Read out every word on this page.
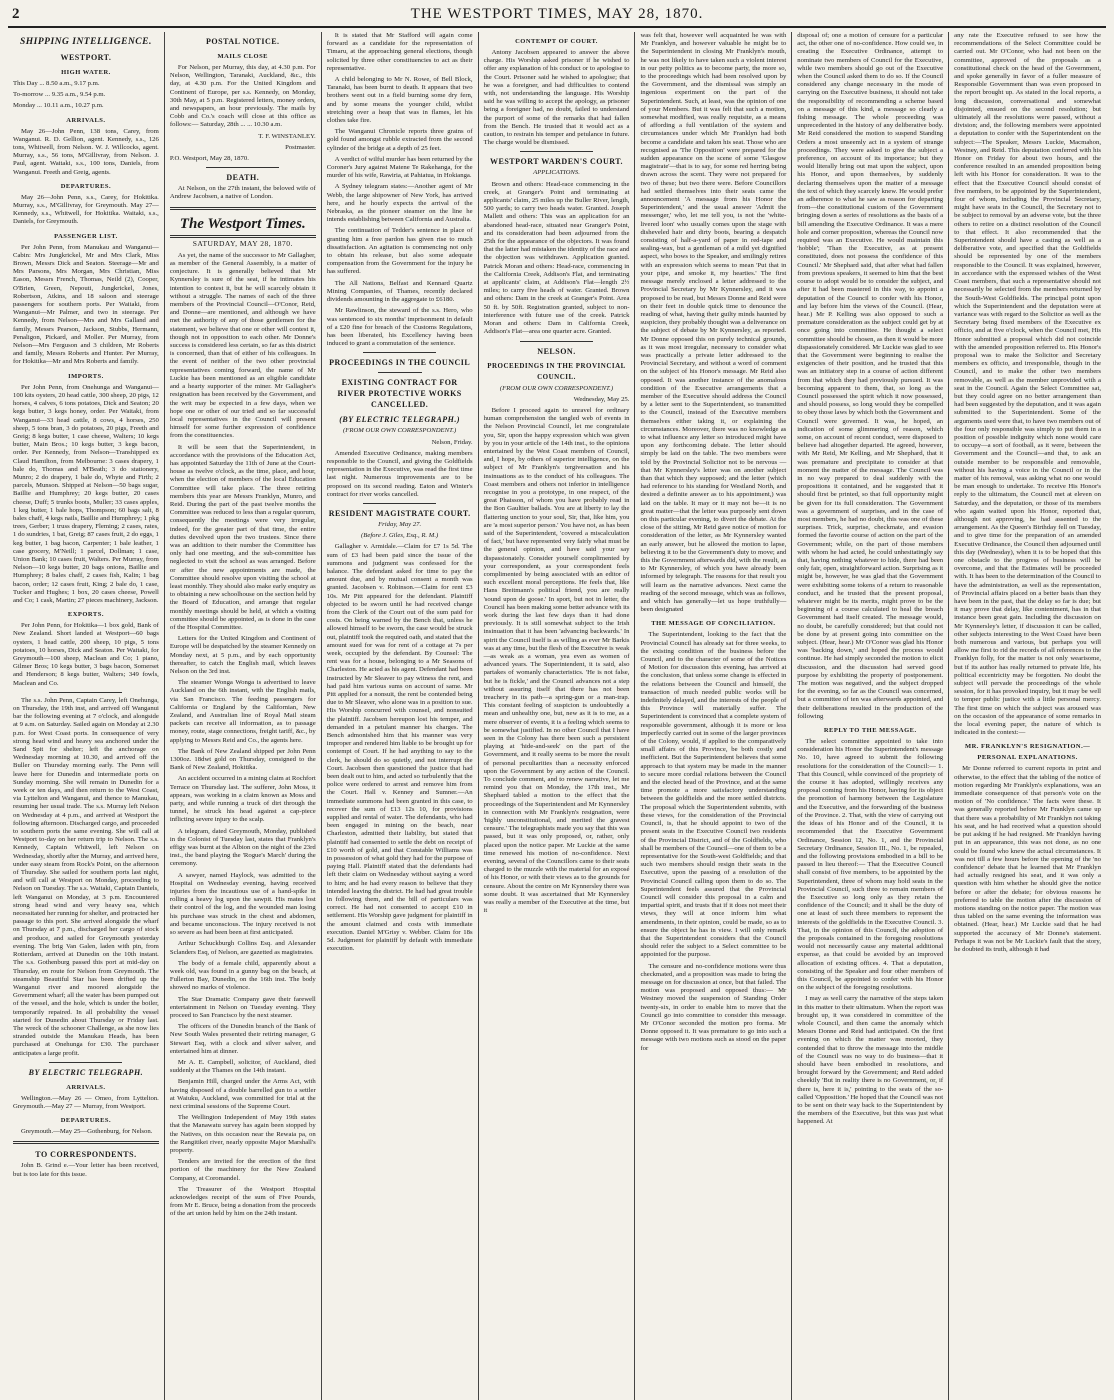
2	THE WESTPORT TIMES, MAY 28, 1870.
SHIPPING INTELLIGENCE.
WESTPORT.
HIGH WATER.

This Day ... 8.50 a.m., 9.17 p.m.

To-morrow ... 9.35 a.m., 9.54 p.m.

Monday ... 10.11 a.m., 10.27 p.m.

ARRIVALS.

May 26—John Penn, 138 tons, Carey, from Wanganui. R. D. Gellion, agent. Kennedy, s.s., 126 tons, Whitwell, from Nelson. W. J. Willcocks, agent. Murray, s.s., 56 tons, M'Gillivray, from Nelson. J. Paul, agent. Waitaki, s.s., 100 tons, Daniels, from Wanganui. Freeth and Greig, agents.

DEPARTURES.

May 26—John Penn, s.s., Carey, for Hokitika. Murray, s.s., M'Gillivray, for Greymouth. May 27—Kennedy, s.s., Whitwell, for Hokitika. Waitaki, s.s., Daniels, for Greymouth.

PASSENGER LIST.

Per John Penn, from Manukau and Wanganui—Cabin: Mrs Jungkrickel, Mr and Mrs Clark, Miss Brown, Messrs Dick and Seaton. Steerage—Mr and Mrs Parsons, Mrs Morgan, Mrs Christian, Miss Eason, Messrs French, Thomas, Neild (2), Cooper, O'Brien, Green, Nepouti, Jungkrickel, Jones, Robertson, Atkins, and 18 saloon and steerage passengers for southern ports. Per Waitaki, from Wanganui—Mr Palmer, and two in steerage. Per Kennedy, from Nelson—Mrs and Mrs Galland and family, Messrs Pearson, Jackson, Stubbs, Hermann, Penaligon, Pickard, and Moller. Per Murray, from Nelson—Mrs Ferguson and 3 children, Mr Roberts and family, Messrs Roberts and Hunter. Per Murray, for Hokitika—Mr and Mrs Roberts and family.

IMPORTS.

Per John Penn, from Onehunga and Wanganui—100 kits oysters, 20 head cattle, 300 sheep, 20 pigs, 12 horses, 4 calves, 6 tons potatoes, Dick and Seaton; 20 kegs butter, 3 kegs honey, order. Per Waitaki, from Wanganui—33 head cattle, 8 cows, 4 horses, 250 sheep, 5 tons bran, 3 do potatoes, 20 pigs, Freeth and Greig; 8 kegs butter, 1 case cheese, Walters; 10 kegs butter, Main Bros.; 10 kegs butter, 3 kegs bacon, order. Per Kennedy, from Nelson—Transhipped ex Claud Hamilton, from Melbourne: 3 cases drapery, 1 bale do, Thomas and M'Beath; 3 do stationery, Munro; 2 do drapery, 1 bale do, Whyte and Firth; 2 parcels, Munson. Shipped at Nelson—50 bags sugar, Baillie and Humphrey; 20 kegs butter, 20 cases cheese, Duff; 5 trunks boots, Muller; 33 cases apples, 1 keg butter, 1 bale hops, Thompson; 60 bags salt, 8 bales chaff, 4 kegs nails, Baillie and Humphrey; 1 pkg trees, Gerber; 1 truss drapery, Fleming; 2 cases, rates, 1 do sundries, 1 bat, Greig; 87 cases fruit, 2 do eggs, 1 keg butter, 1 bag bacon, Carpenter; 1 bale leather, 1 case grocery, M'Neill; 1 parcel, Dollman; 1 case, Union Bank; 10 cases fruit, Walters. Per Murray, from Nelson—10 kegs butter, 20 bags onions, Baillie and Humphrey; 8 bales chaff, 2 cases fish, Kalin; 1 bag bacon, order; 12 cases fruit, King; 2 bale do, 1 case, Tucker and Hughes; 1 box, 20 cases cheese, Powell and Co; 1 cask, Martin; 27 pieces machinery, Jackson.

EXPORTS.

Per John Penn, for Hokitika—1 box gold, Bank of New Zealand. Short landed at Westport—60 bags oysters, 1 head cattle, 200 sheep, 10 pigs, 5 tons potatoes, 10 horses, Dick and Seaton. Per Waitaki, for Greymouth—100 sheep, Maclean and Co; 1 piano, Gilmer Bros; 10 kegs butter, 3 bags bacon, Somerset and Henderson; 8 kegs butter, Walters; 349 fowls, Maclean and Co.

The s.s. John Penn, Captain Carey, left Onehunga, on Thursday, the 19th inst, and arrived off Wanganui bar the following evening at 7 o'clock, and alongside at 9 a.m. on Saturday. Sailed again on Monday at 2.30 p.m. for West Coast ports. In consequence of very strong head wind and heavy sea anchored under the Sand Spit for shelter; left the anchorage on Wednesday morning at 10.30, and arrived off the Buller on Thursday morning early. The Penn will leave here for Dunedin and intermediate ports on Sunday morning. She will remain in Dunedin for a week or ten days, and then return to the West Coast, via Lyttelton and Wanganui, and thence to Manukau, resuming her usual trade. The s.s. Murray left Nelson on Wednesday at 4 p.m., and arrived at Westport the following afternoon. Discharged cargo, and proceeded to southern ports the same evening. She will call at Westport to-day on her return trip to Nelson. The s.s. Kennedy, Captain Whitwell, left Nelson on Wednesday, shortly after the Murray, and arrived here, under easy steam from Rock's Point, on the afternoon of Thursday. She sailed for southern ports last night, and will call at Westport on Monday, proceeding to Nelson on Tuesday. The s.s. Waitaki, Captain Daniels, left Wanganui on Monday, at 3 p.m. Encountered strong head wind and very heavy sea, which necessitated her running for shelter, and protracted her passage to this port. She arrived alongside the wharf on Thursday at 7 p.m., discharged her cargo of stock and produce, and sailed for Greymouth yesterday evening. The brig Van Galen, laden with pin, from Rotterdam, arrived at Dunedin on the 10th instant. The s.s. Gothenburg passed this port at mid-day on Thursday, en route for Nelson from Greymouth. The steamship Beautiful Star has been drifted up the Wanganui river and moored alongside the Government wharf; all the water has been pumped out of the vessel, and the hole, which is under the boiler, temporarily repaired. In all probability the vessel started for Dunedin about Thursday or Friday last. The wreck of the schooner Challenge, as she now lies stranded outside the Manukau Heads, has been purchased at Onehunga for £30. The purchaser anticipates a large profit.

BY ELECTRIC TELEGRAPH.
ARRIVALS.

Wellington.—May 26 — Omeo, from Lyttelton. Greymouth.—May 27 — Murray, from Westport.

DEPARTURES.

Greymouth.—May 25—Gothenburg, for Nelson.

TO CORRESPONDENTS.

John B. Grind e.—Your letter has been received, but is too late for this issue.

POSTAL NOTICE.
MAILS CLOSE

For Nelson, per Murray, this day, at 4.30 p.m. For Nelson, Wellington, Taranaki, Auckland, &c., this day, at 4.30 p.m. For the United Kingdom and Continent of Europe, per s.s. Kennedy, on Monday, 30th May, at 5 p.m. Registered letters, money orders, and newspapers, an hour previously. The mails by Cobb and Co.'s coach will close at this office as follows:— Saturday, 28th ... ... 10.30 a.m.

T. F. WINSTANLEY.

Postmaster.

P.O. Westport, May 28, 1870.

DEATH.

At Nelson, on the 27th instant, the beloved wife of Andrew Jacobsen, a native of London.

The Westport Times.
SATURDAY, MAY 28, 1870.

As yet, the name of the successor to Mr Gallagher, as member of the General Assembly, is a matter of conjecture. It is generally believed that Mr Kynnersley is sure of the seat, if he intimates his intention to contest it, but he will scarcely obtain it without a struggle. The names of each of the three members of the Provincial Council—O'Conor, Reid, and Donne—are mentioned, and although we have met the authority of any of those gentlemen for the statement, we believe that one or other will contest it, though not in opposition to each other. Mr Donne's success is considered less certain, so far as this district is concerned, than that of either of his colleagues. In the event of neither of the two other provincial representatives coming forward, the name of Mr Luckie has been mentioned as an eligible candidate and a hearty supporter of the miner. Mr Gallagher's resignation has been received by the Government, and the writ may be expected in a few days, when we hope one or other of our tried and so far successful local representatives in the Council will present himself for some further expression of confidence from the constituencies.

It will be seen that the Superintendent, in accordance with the provisions of the Education Act, has appointed Saturday the 11th of June at the Court-house as twelve o'clock, as the time, place, and hour, when the election of members of the local Education Committee will take place. The three retiring members this year are Messrs Franklyn, Munro, and Reid. During the part of the past twelve months the Committee was reduced to less than a regular quorum, consequently the meetings were very irregular, indeed, for the greater part of that time, the entire duties devolved upon the two trustees. Since there was an addition to their number the Committee has only had one meeting, and the sub-committee has neglected to visit the school as was arranged. Before or after the new appointments are made, the Committee should resolve upon visiting the school at least monthly. They should also make early enquiry as to obtaining a new schoolhouse on the section held by the Board of Education, and arrange that regular monthly meetings should be held, at which a visiting committee should be appointed, as is done in the case of the Hospital Committee.

Letters for the United Kingdom and Continent of Europe will be despatched by the steamer Kennedy on Monday next, at 5 p.m., and by each opportunity thereafter, to catch the English mail, which leaves Nelson on the 3rd inst.

The steamer Wonga Wonga is advertised to leave Auckland on the 6th instant, with the English mails, via San Francisco. The feeding passengers for California or England by the Californian, New Zealand, and Australian line of Royal Mail steam packets can receive all information, as to passage money, route, stage connections, freight tariff, &c., by applying to Messrs Reid and Co., the agents here.

The Bank of New Zealand shipped per John Penn 1300oz. 18dwt gold on Thursday, consigned to the Bank of New Zealand, Hokitika.

An accident occurred in a mining claim at Rochfort Terrace on Thursday last. The sufferer, John Moss, it appears, was working in a claim known as Moss and party, and while running a truck of dirt through the tunnel, he struck his head against a cap-piece inflicting severe injury to the scalp.

A telegram, dated Greymouth, Monday, published in the Colonist of Tuesday last, states that Franklyn's effigy was burnt at the Albion on the night of the 23rd inst., the band playing the 'Rogue's March' during the ceremony.

A sawyer, named Haylock, was admitted to the Hospital on Wednesday evening, having received injuries from the incautious use of a hand-spike in rolling a heavy log upon the sawpit. His mates lost their control of the log, and the wounded man losing his purchase was struck in the chest and abdomen, and became unconscious. The injury received is not so severe as had been been at first anticipated.

Arthur Schuckburgh Collins Esq. and Alexander Sclanders Esq, of Nelson, are gazetted as magistrates.

The body of a female child, apparently about a week old, was found in a gunny bag on the beach, at Fullerton Bay, Dunedin, on the 16th inst. The body showed no marks of violence.

The Star Dramatic Company gave their farewell entertainment in Nelson on Tuesday evening. They proceed to San Francisco by the next steamer.

The officers of the Dunedin branch of the Bank of New South Wales presented their retiring manager, G Stewart Esq, with a clock and silver salver, and entertained him at dinner.

Mr A. E. Campbell, solicitor, of Auckland, died suddenly at the Thames on the 14th instant.

Benjamin Hill, charged under the Arms Act, with having disposed of a double barrelled gun to a settler at Waiuku, Auckland, was committed for trial at the next criminal sessions of the Supreme Court.

The Wellington Independent of May 19th states that the Manawatu survey has again been stopped by the Natives, on this occasion near the Rewaia pa, on the Rangitikei river, nearly opposite Major Marshall's property.

Tenders are invited for the erection of the first portion of the machinery for the New Zealand Company, at Coromandel.

The Treasurer of the Westport Hospital acknowledges receipt of the sum of Five Pounds, from Mr E. Bruce, being a donation from the proceeds of the art union held by him on the 24th instant.

It is stated that Mr Stafford will again come forward as a candidate for the representation of Timaru, at the approaching general elections, though solicited by three other constituencies to act as their representative.

A child belonging to Mr N. Rowe, of Bell Block, Taranaki, has been burnt to death. It appears that two brothers went out in a field burning some dry fern, and by some means the younger child, whilst stretching over a heap that was in flames, let his clothes take fire.

The Wanganui Chronicle reports three grains of gold found amongst rubble extracted from the second cylinder of the bridge at a depth of 25 feet.

A verdict of wilful murder has been returned by the Coroner's Jury against Matene Te Rakehanga, for the murder of his wife, Rawiria, at Pahiatua, in Hokianga.

A Sydney telegram states:—Another agent of Mr Webb, the large shipowner of New York, has arrived here, and he hourly expects the arrival of the Nebraska, as the pioneer steamer on the line he intends establishing between California and Australia.

The continuation of Tedder's sentence in place of granting him a free pardon has given rise to much dissatisfaction. An agitation is commencing not only to obtain his release, but also some adequate compensation from the Government for the injury he has suffered.

The All Nations, Belfast and Kennard Quartz Mining Companies, of Thames, recently declared dividends amounting in the aggregate to £6180.

Mr Rawlinson, the steward of the s.s. Hero, who was sentenced to six months' imprisonment in default of a £20 fine for breach of the Customs Regulations, has been liberated, his Excellency having been induced to grant a commutation of the sentence.

PROCEEDINGS IN THE COUNCIL
EXISTING CONTRACT FOR RIVER PROTECTIVE WORKS CANCELLED.
(BY ELECTRIC TELEGRAPH.)
(FROM OUR OWN CORRESPONDENT.)

Nelson, Friday.

Amended Executive Ordinance, making members responsible to the Council, and giving the Goldfields representation in the Executive, was read the first time last night. Numerous improvements are to be proposed on its second reading. Eaton and Winter's contract for river works cancelled.

RESIDENT MAGISTRATE COURT.
Friday, May 27.
(Before J. Giles, Esq., R. M.)

Gallagher v. Armidale.—Claim for £7 1s 5d. The sum of £3 had been paid since the issue of the summons and judgment was confessed for the balance. The defendant asked for time to pay the amount due, and by mutual consent a month was granted. Jacobsen v. Robinson.—Claim for rent £3 10s. Mr Pitt appeared for the defendant. Plaintiff objected to be sworn until he had received change from the Clerk of the Court out of the sum paid for costs. On being warned by the Bench that, unless he allowed himself to be sworn, the case would be struck out, plaintiff took the required oath, and stated that the amount sued for was for rent of a cottage at 7s per week, occupied by the defendant. By Counsel: The rent was for a house, belonging to a Mr Seasons of Charleston. He acted as his agent. Defendant had been instructed by Mr Sleaver to pay witness the rent, and had paid him various sums on account of same. Mr Pitt applied for a nonsuit, the rent be contended being due to Mr Sleaver, who alone was in a position to sue. His Worship concurred with counsel, and nonsuited the plaintiff. Jacobsen hereupon lost his temper, and demanded in a petulant manner his charges. The Bench admonished him that his manner was very improper and rendered him liable to be brought up for contempt of Court. If he had anything to say to the clerk, he should do so quietly, and not interrupt the Court. Jacobsen then questioned the justice that had been dealt out to him, and acted so turbulently that the police were ordered to arrest and remove him from the Court. Hall v. Kenney and Sumner.—An immediate summons had been granted in this case, to recover the sum of £13 12s 10, for provisions supplied and rental of water. The defendants, who had been engaged in mining on the beach, near Charleston, admitted their liability, but stated that plaintiff had consented to settle the debt on receipt of £10 worth of gold, and that Constable Williams was in possession of what gold they had for the purpose of paying Hall. Plaintiff stated that the defendants had left their claim on Wednesday without saying a word to him; and he had every reason to believe that they intended leaving the district. He had had great trouble in following them, and the bill of particulars was correct. He had not consented to accept £10 in settlement. His Worship gave judgment for plaintiff in the amount claimed and costs with immediate execution. Daniel M'Grisy v. Webber. Claim for 18s 5d. Judgment for plaintiff by default with immediate execution.

CONTEMPT OF COURT.

Antony Jacobsen appeared to answer the above charge. His Worship asked prisoner if he wished to offer any explanation of his conduct or to apologise to the Court. Prisoner said he wished to apologise; that he was a foreigner, and had difficulties to contend with, not understanding the language. His Worship said he was willing to accept the apology, as prisoner being a foreigner had, no doubt, failed to understand the purport of some of the remarks that had fallen from the Bench. He trusted that it would act as a caution, to restrain his temper and petulance in future. The charge would be dismissed.

WESTPORT WARDEN'S COURT.
APPLICATIONS.

Brown and others: Head-race commencing in the creek, at Granger's Point and terminating at applicants' claim, 25 miles up the Buller River, length, 500 yards; to carry two heads water. Granted. Joseph Mallett and others: This was an application for an abandoned head-race, situated near Granger's Point, and its consideration had been adjourned from the 25th for the appearance of the objectors. It was found that the latter had mistaken the identity of the race and the objection was withdrawn. Application granted. Patrick Moran and others: Head-race, commencing in the California Creek, Addison's Flat, and terminating at applicants' claim, at Addison's Flat—length 2½ miles; to carry five heads of water. Granted. Brown and others: Dam in the creek at Granger's Point. Area 50 ft. by 50ft. Registration granted, subject to non-interference with future use of the creek. Patrick Moran and others: Dam in California Creek, Addison's Flat—area one quarter acre. Granted.

NELSON.
PROCEEDINGS IN THE PROVINCIAL COUNCIL.
(FROM OUR OWN CORRESPONDENT.)

Wednesday, May 25.

Before I proceed again to unravel for ordinary human comprehension the tangled web of events in the Nelson Provincial Council, let me congratulate you, Sir, upon the happy expression which was given by you in your article of the 14th inst., to the opinions entertained by the West Coast members of Council, and, I hope, by others of superior intelligence, on the subject of Mr Franklyn's tergiversation and his insinuations as to the conduct of his colleagues. The Coast members and others not inferior in intelligence recognise in you a prototype, in one respect, of the great Phaisson, of whom you have probably read in the Bon Gaultier ballads. You are at liberty to lay the flattering unction to your soul, Sir, that, like him, you are 'a most superior person.' You have not, as has been said of the Superintendent, 'covered a miscalculation of fact,' but have represented very fairly what must be the general opinion, and have said your say dispassionately. Consider yourself complimented by your correspondent, as your correspondent feels complimented by being associated with an editor of such excellent moral perceptions. He feels that, like Hans Breitmann's political friend, you are really 'sound upon de goose.' In sport, but not in letter, the Council has been making some better advance with its work during the last few days than it had done previously. It is still somewhat subject to the Irish insinuation that it has been 'advancing backwards.' In spirit the Council itself is as willing as ever Mr Barkis was at any time, but the flesh of the Executive is weak—as weak as a woman, yea even as women of advanced years. The Superintendent, it is said, also partakes of womanly characteristics. 'He is not false, but he is fickle,' and the Council advances not a step without assuring itself that there has not been treachery in its path—a spring-gun or a man-trap. This constant feeling of suspicion is undoubtedly a mean and unhealthy one, but, new as it is to me, as a mere observer of events, it is a feeling which seems to be somewhat justified. In no other Council that I have seen in the Colony has there been such a persistent playing at 'hide-and-seek' on the part of the Government, and it really seems to be more the result of personal peculiarities than a necessity enforced upon the Government by any action of the Council. To conclude comment, and to renew narrative, let me remind you that on Monday, the 17th inst., Mr Shephard tabled a motion to the effect that the proceedings of the Superintendent and Mr Kynnersley in connection with Mr Franklyn's resignation, were 'highly unconstitutional, and merited the gravest censure.' The telegraphists made you say that this was passed, but it was only proposed, or, rather, only placed upon the notice paper. Mr Luckie at the same time renewed his motion of no-confidence. Next evening, several of the Councillors came to their seats charged to the muzzle with the material for an exposé of his Honor, or with their views as to the grounds for censure. About the centre on Mr Kynnersley there was some doubt. It was ascertained that Mr Kynnersley was really a member of the Executive at the time, but it

was felt that, however well acquainted he was with Mr Franklyn, and however valuable he might be to the Superintendent in closing Mr Franklyn's mouth, he was not likely to have taken such a violent interest in our petty politics as to become party, the more so, to the proceedings which had been resolved upon by the Government, and the dismissal was simply an ingenious experiment on the part of the Superintendent. Such, at least, was the opinion of one of your Members. But it was felt that such a motion, somewhat modified, was really requisite, as a means of affording a full ventilation of the system and circumstances under which Mr Franklyn had both become a candidate and taken his seat. Those who are recognised as 'The Opposition' were prepared for the sudden appearance on the scene of some 'Glasgow magistrate'—that is to say, for some red herring being drawn across the scent. They were not prepared for two of these; but two there were. Before Councillors had settled themselves into their seats came the announcement 'A message from his Honor the Superintendent,' and the usual answer 'Admit the messenger,' who, let me tell you, is not the 'white-livered loon' who usually comes upon the stage with disheveled hair and dirty boots, bearing a despatch consisting of half-a-yard of paper in red-tape and sealing-wax, but a gentleman of a mild yet dignified aspect, who bows to the Speaker, and smilingly retires with an expression which seems to mean 'Put that in your pipe, and smoke it, my hearties.' The first message merely enclosed a letter addressed to the Provincial Secretary by Mr Kynnersley, and it was proposed to be read, but Messrs Donne and Reid were on their feet in double quick time to denounce the reading of what, having their guilty minds haunted by suspicion, they probably thought was a deliverance on the subject of debate by Mr Kynnersley, as reported. Mr Donne opposed this on purely technical grounds, as it was most irregular, necessary to consider what was practically a private letter addressed to the Provincial Secretary, and without a word of comment on the subject of his Honor's message. Mr Reid also opposed. It was another instance of the anomalous condition of the Executive arrangements that a member of the Executive should address the Council by a letter sent to the Superintendent, so transmitted to the Council, instead of the Executive members themselves either taking it, or explaining the circumstances. Moreover, there was no knowledge as to what influence any letter so introduced might have upon any forthcoming debate. The letter should simply be laid on the table. The two members were told by the Provincial Solicitor not to be nervous —that Mr Kynnersley's letter was on another subject than that which they supposed; and the letter (which had reference to his standing for Westland North, and desired a definite answer as to his appointment,) was laid on the table. It may or it may not be—it is no great matter—that the letter was purposely sent down on this particular evening, to divert the debate. At the close of the sitting, Mr Reid gave notice of motion for consideration of the letter, as Mr Kynnersley wanted an early answer, but he allowed the motion to lapse, believing it to be the Government's duty to move; and this the Government afterwards did, with the result, as to Mr Kynnersley, of which you have already been informed by telegraph. The reasons for that result you will learn as the narrative advances. Next came the reading of the second message, which was as follows, and which has generally—let us hope truthfully—been designated

THE MESSAGE OF CONCILIATION.

The Superintendent, looking to the fact that the Provincial Council has already sat for three weeks, to the existing condition of the business before the Council, and to the character of some of the Notices of Motion for discussion this evening, has arrived at the conclusion, that unless some change is effected in the relations between the Council and himself, the transaction of much needed public works will be indefinitely delayed, and the interests of the people of this Province will materially suffer. The Superintendent is convinced that a complete system of responsible government, although it is more or less imperfectly carried out in some of the larger provinces of the Colony, would, if applied to the comparatively small affairs of this Province, be both costly and inefficient. But the Superintendent believes that some approach to that system may be made in the manner to secure more cordial relations between the Council and the elected head of the Province, and at the same time promote a more satisfactory understanding between the goldfields and the more settled districts. The proposal which the Superintendent submits, with these views, for the consideration of the Provincial Council, is, that he should appoint to two of the present seats in the Executive Council two residents of the Provincial District, and of the Goldfields, who shall be members of the Council—one of them to be a representative for the South-west Goldfields; and that such two members should resign their seats in the Executive, upon the passing of a resolution of the Provincial Council calling upon them to do so. The Superintendent feels assured that the Provincial Council will consider this proposal in a calm and impartial spirit, and trusts that if it does not meet their views, they will at once inform him what amendments, in their opinion, could be made, so as to ensure the object he has in view. I will only remark that the Superintendent considers that the Council should refer the subject to a Select committee to be appointed for the purpose.

The censure and no-confidence motions were thus checkmated, and a proposition was made to bring the message on for discussion at once, but that failed. The motion was proposed and opposed thus:— Mr Westney moved the suspension of Standing Order twenty-six, in order to enable him to move that the Council go into committee to consider this message. Mr O'Conor seconded the motion pro forma. Mr Donne opposed it. It was premature to go into such a message with two motions such as stood on the paper for

disposal of; one a motion of censure for a particular act, the other one of no-confidence. How could we, in creating the Executive Ordinance, attempt to nominate two members of Council for the Executive, while two members should go out of the Executive when the Council asked them to do so. If the Council considered any change necessary in the mode of carrying on the Executive business, it should not take the responsibility of recommending a scheme based on a message of this kind, a message so clearly a fishing message. The whole proceeding was unprecedented in the history of any deliberative body. Mr Reid considered the motion to suspend Standing Orders a most unseemly act in a system of strange proceedings. They were asked to give the subject a preference, on account of its importance; but they would literally bring out mat upon the subject, upon his Honor, and upon themselves, by suddenly declaring themselves upon the matter of a message the text of which they scarcely knew. He would prefer an adherence to what he saw as reason for departing from—the constitutional custom of the Government bringing down a series of resolutions as the basis of a bill amending the Executive Ordinance. It was a mere hole and corner proposition, whereas the Council now required was an Executive. He would maintain this 'hobble'; 'Than the Executive, as at present constituted, does not possess the confidence of this Council.' Mr Shephard said, that after what had fallen from previous speakers, it seemed to him that the best course to adopt would be to consider the subject, and after it had been mastered in this way, to appoint a deputation of the Council to confer with his Honor, and lay before him the views of the Council. (Hear, hear.) Mr P. Kelling was also opposed to such a premature consideration as the subject could get by at once going into committee. He thought a select committee should be chosen, as then it would be more dispassionately considered. Mr Luckie was glad to see that the Government were beginning to realise the exigencies of their position, and he trusted that this was an initiatory step in a course of action different from that which they had previously pursued. It was becoming apparent to them, that, so long as the Council possessed the spirit which it now possessed, and should possess, so long would they be compelled to obey those laws by which both the Government and Council were governed. It was, he hoped, an indication of some glimmering of reason, which some, on account of recent conduct, were disposed to believe had altogether departed. He agreed, however, with Mr Reid, Mr Kelling, and Mr Shephard, that it was premature and precipitate to consider at that moment the matter of the message. The Council was in no way prepared to deal suddenly with the propositions it contained, and he suggested that it should first be printed, so that full opportunity might be given for its full consideration. The Government was a government of surprises, and in the case of most members, he had no doubt, this was one of these surprises. Trick, surprise, checkmate, and evasion formed the favorite course of action on the part of the Government; while, on the part of those members with whom he had acted, he could unhesitatingly say that, having nothing whatever to hide, there had been only fair, open, straightforward action. Surprising as it might be, however, he was glad that the Government were exhibiting some tokens of a return to reasonable conduct, and he trusted that the present proposal, whatever might be its merits, might prove to be the beginning of a course calculated to heal the breach Government had itself created. The message would, no doubt, be carefully considered; but that could not be done by at present going into committee on the subject. (Hear, hear.) Mr O'Conor was glad his Honor was 'backing down,' and hoped the process would continue. He had simply seconded the motion to elicit discussion, and the discussion had served good purpose by exhibiting the property of postponement. The motion was negatived, and the subject dropped for the evening, so far as the Council was concerned, but a committee of ten was afterwards appointed, and their deliberations resulted in the production of the following

REPLY TO THE MESSAGE.

The select committee appointed to take into consideration his Honor the Superintendent's message No. 10, have agreed to submit the following resolutions for the consideration of the Council:— 1. That this Council, while convinced of the propriety of the course it has adopted, willingly receives any proposal coming from his Honor, having for its object the promotion of harmony between the Legislature and the Executive, and the forwarding of the business of the Province. 2. That, with the view of carrying out the ideas of his Honor and of the Council, it is recommended that the Executive Government Ordinance, Session 12, No. 1, and the Provincial Secretary Ordinance, Session III., No. 1, be repealed, and the following provisions embodied in a bill to be passed in lieu thereof:— That the Executive Council shall consist of five members, to be appointed by the Superintendent, three of whom may hold seats in the Provincial Council, such three to remain members of the Executive so long only as they retain the confidence of the Council; and it shall be the duty of one at least of such three members to represent the interests of the goldfields in the Executive Council. 3. That, in the opinion of this Council, the adoption of the proposals contained in the foregoing resolutions would not necessarily cause any material additional expense, as that could be avoided by an improved allocation of existing offices. 4. That a deputation, consisting of the Speaker and four other members of this Council, be appointed to confer with his Honor on the subject of the foregoing resolutions.

I may as well carry the narrative of the steps taken in this matter to their ultimatum. When the report was brought up, it was considered in committee of the whole Council, and then came the anomaly which Messrs Donne and Reid had anticipated. On the first evening on which the matter was mooted, they contended that to throw the message into the middle of the Council was no way to do business—that it should have been embodied in resolutions, and brought forward by the Government; and Reid added cheekily 'But in reality there is no Government, or, if there is, here it is,' pointing to the seats of the so-called 'Opposition.' He hoped that the Council was not to be sent on their way back to the Superintendent by the members of the Executive, but this was just what happened. At

any rate the Executive refused to see how the recommendations of the Select Committee could be carried out. Mr O'Conor, who had not been on the committee, approved of the proposals as a constitutional check on the head of the Government, and spoke generally in favor of a fuller measure of Responsible Government than was even proposed in the report brought up. As stated in the local reports, a long discussion, conversational and somewhat disjointed, ensued on the second resolution; but ultimately all the resolutions were passed, without a division; and, the following members were appointed a deputation to confer with the Superintendent on the subject:—The Speaker, Messrs Luckie, Macmahon, Westney, and Reid. This deputation conferred with his Honor on Friday for about two hours, and the conference resulted in an amended proposition being left with his Honor for consideration. It was to the effect that the Executive Council should consist of five members, to be appointed by the Superintendent, four of whom, including the Provincial Secretary, might have seats in the Council, the Secretary not to be subject to removal by an adverse vote, but the three others to retire on a distinct resolution of the Council to that effect. It also recommended that the Superintendent should have a casting as well as a deliberative vote, and specified that the Goldfields should be represented by one of the members responsible to the Council. It was explained, however, in accordance with the expressed wishes of the West Coast members, that such a representative should not necessarily be selected from the members returned by the South-West Goldfields. The principal point upon which the Superintendent and the deputation were at variance was with regard to the Solicitor as well as the Secretary being fixed members of the Executive ex officio, and at five o'clock, when the Council met, His Honor submitted a proposal which did not coincide with the amended proposition referred to. His Honor's proposal was to make the Solicitor and Secretary members ex officio, and irresponsible, though in the Council, and to make the other two members removable, as well as the member unprovided with a seat in the Council. Again the Select Committee sat, but they could agree on no better arrangement than had been suggested by the deputation, and it was again submitted to the Superintendent. Some of the arguments used were that, to have two members out of the four only responsible was simply to put them in a position of possible indignity which none would care to occupy—a sort of football, as it were, between the Government and the Council—and that, to ask an outside member to be responsible and removable, without his having a voice in the Council or in the matter of his removal, was asking what no one would be man enough to undertake. To receive His Honor's reply to the ultimatum, the Council met at eleven on Saturday, and the deputation, or those of its members who again waited upon his Honor, reported that, although not approving, he had assented to the arrangement. As the Queen's Birthday fell on Tuesday, and to give time for the preparation of an amended Executive Ordinance, the Council then adjourned until this day (Wednesday), when it is to be hoped that this one obstacle to the progress of business will be overcome, and that the Estimates will be proceeded with. It has been to the determination of the Council to have the administration, as well as the representation, of Provincial affairs placed on a better basis than they have been in the past, that the delay so far is due; but it may prove that delay, like contentment, has in that instance been great gain. Including the discussion on Mr Kynnersley's letter, if discussion it can be called, other subjects interesting to the West Coast have been both numerous and various, but perhaps you will allow me first to rid the records of all references to the Franklyn folly, for the matter is not only wearisome, but if its author has really returned to private life, his political eccentricity may be forgotten. No doubt the subject will pervade the proceedings of the whole session, for it has provoked inquiry, but it may be well to temper public justice with a little personal mercy. The first time on which the subject was aroused was on the occasion of the appearance of some remarks in the local evening paper, the nature of which is indicated in the context:—

MR. FRANKLYN'S RESIGNATION.—PERSONAL EXPLANATIONS.

Mr Donne referred to current reports in print and otherwise, to the effect that the tabling of the notice of motion regarding Mr Franklyn's explanations, was an immediate consequence of that person's vote on the motion of 'No confidence.' The facts were these. It was generally reported before Mr Franklyn came up that there was a probability of Mr Franklyn not taking his seat, and he had received what a question should be put asking if he had resigned. Mr Franklyn having put in an appearance, this was not done, as no one could be found who knew the actual circumstances. It was not till a few hours before the opening of the 'no confidence' debate that he learned that Mr Franklyn had actually resigned his seat, and it was only a question with him whether he should give the notice before or after the debate; for obvious reasons he preferred to table the motion after the discussion of motions standing on the notice paper. The motion was thus tabled on the same evening the information was obtained. (Hear, hear.) Mr Luckie said that he had supported the accuracy of Mr Donne's statement. Perhaps it was not be Mr Luckie's fault that the story, he doubted its truth, although it had
